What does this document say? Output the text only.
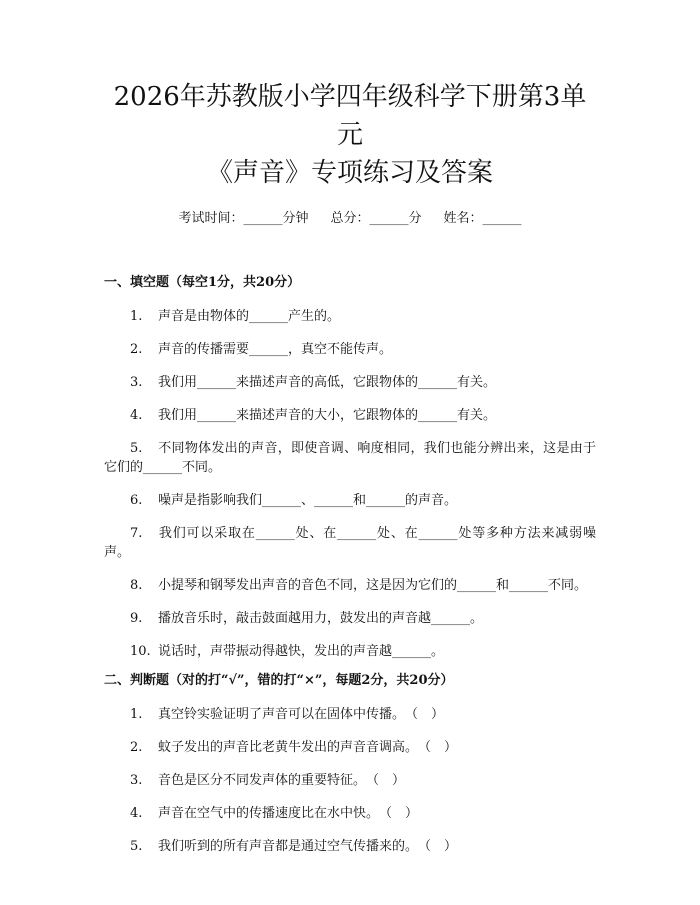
2026年苏教版小学四年级科学下册第3单元
《声音》专项练习及答案
考试时间：______分钟 总分：______分 姓名：______
一、填空题（每空1分，共20分）
1. 声音是由物体的______产生的。
2. 声音的传播需要______，真空不能传声。
3. 我们用______来描述声音的高低，它跟物体的______有关。
4. 我们用______来描述声音的大小，它跟物体的______有关。
5. 不同物体发出的声音，即使音调、响度相同，我们也能分辨出来，这是由于它们的______不同。
6. 噪声是指影响我们______、______和______的声音。
7. 我们可以采取在______处、在______处、在______处等多种方法来减弱噪声。
8. 小提琴和钢琴发出声音的音色不同，这是因为它们的______和______不同。
9. 播放音乐时，敲击鼓面越用力，鼓发出的声音越______。
10. 说话时，声带振动得越快，发出的声音越______。
二、判断题（对的打“√”，错的打“×”，每题2分，共20分）
1. 真空铃实验证明了声音可以在固体中传播。　（　）
2. 蚊子发出的声音比老黄牛发出的声音音调高。　（　）
3. 音色是区分不同发声体的重要特征。　（　）
4. 声音在空气中的传播速度比在水中快。　（　）
5. 我们听到的所有声音都是通过空气传播来的。　（　）
